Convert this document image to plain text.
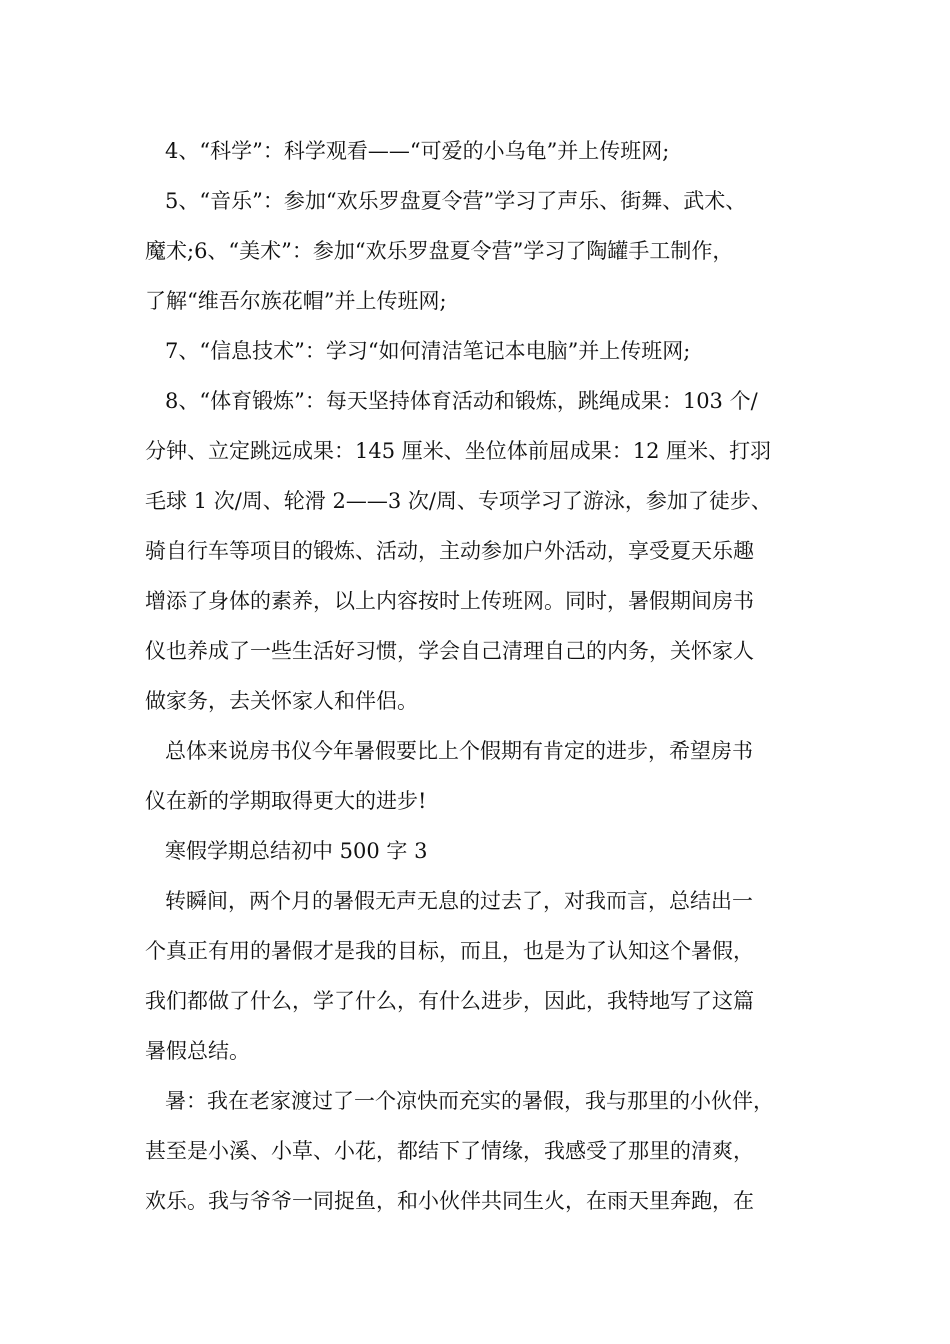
4、“科学”：科学观看——“可爱的小乌龟”并上传班网;
5、“音乐”：参加“欢乐罗盘夏令营”学习了声乐、街舞、武术、
魔术;6、“美术”：参加“欢乐罗盘夏令营”学习了陶罐手工制作，
了解“维吾尔族花帽”并上传班网;
7、“信息技术”：学习“如何清洁笔记本电脑”并上传班网;
8、“体育锻炼”：每天坚持体育活动和锻炼，跳绳成果：103 个/
分钟、立定跳远成果：145 厘米、坐位体前屈成果：12 厘米、打羽
毛球 1 次/周、轮滑 2——3 次/周、专项学习了游泳，参加了徒步、
骑自行车等项目的锻炼、活动，主动参加户外活动，享受夏天乐趣
增添了身体的素养，以上内容按时上传班网。同时，暑假期间房书
仪也养成了一些生活好习惯，学会自己清理自己的内务，关怀家人
做家务，去关怀家人和伴侣。
总体来说房书仪今年暑假要比上个假期有肯定的进步，希望房书
仪在新的学期取得更大的进步!
寒假学期总结初中 500 字 3
转瞬间，两个月的暑假无声无息的过去了，对我而言，总结出一
个真正有用的暑假才是我的目标，而且，也是为了认知这个暑假，
我们都做了什么，学了什么，有什么进步，因此，我特地写了这篇
暑假总结。
暑：我在老家渡过了一个凉快而充实的暑假，我与那里的小伙伴，
甚至是小溪、小草、小花，都结下了情缘，我感受了那里的清爽，
欢乐。我与爷爷一同捉鱼，和小伙伴共同生火，在雨天里奔跑，在
